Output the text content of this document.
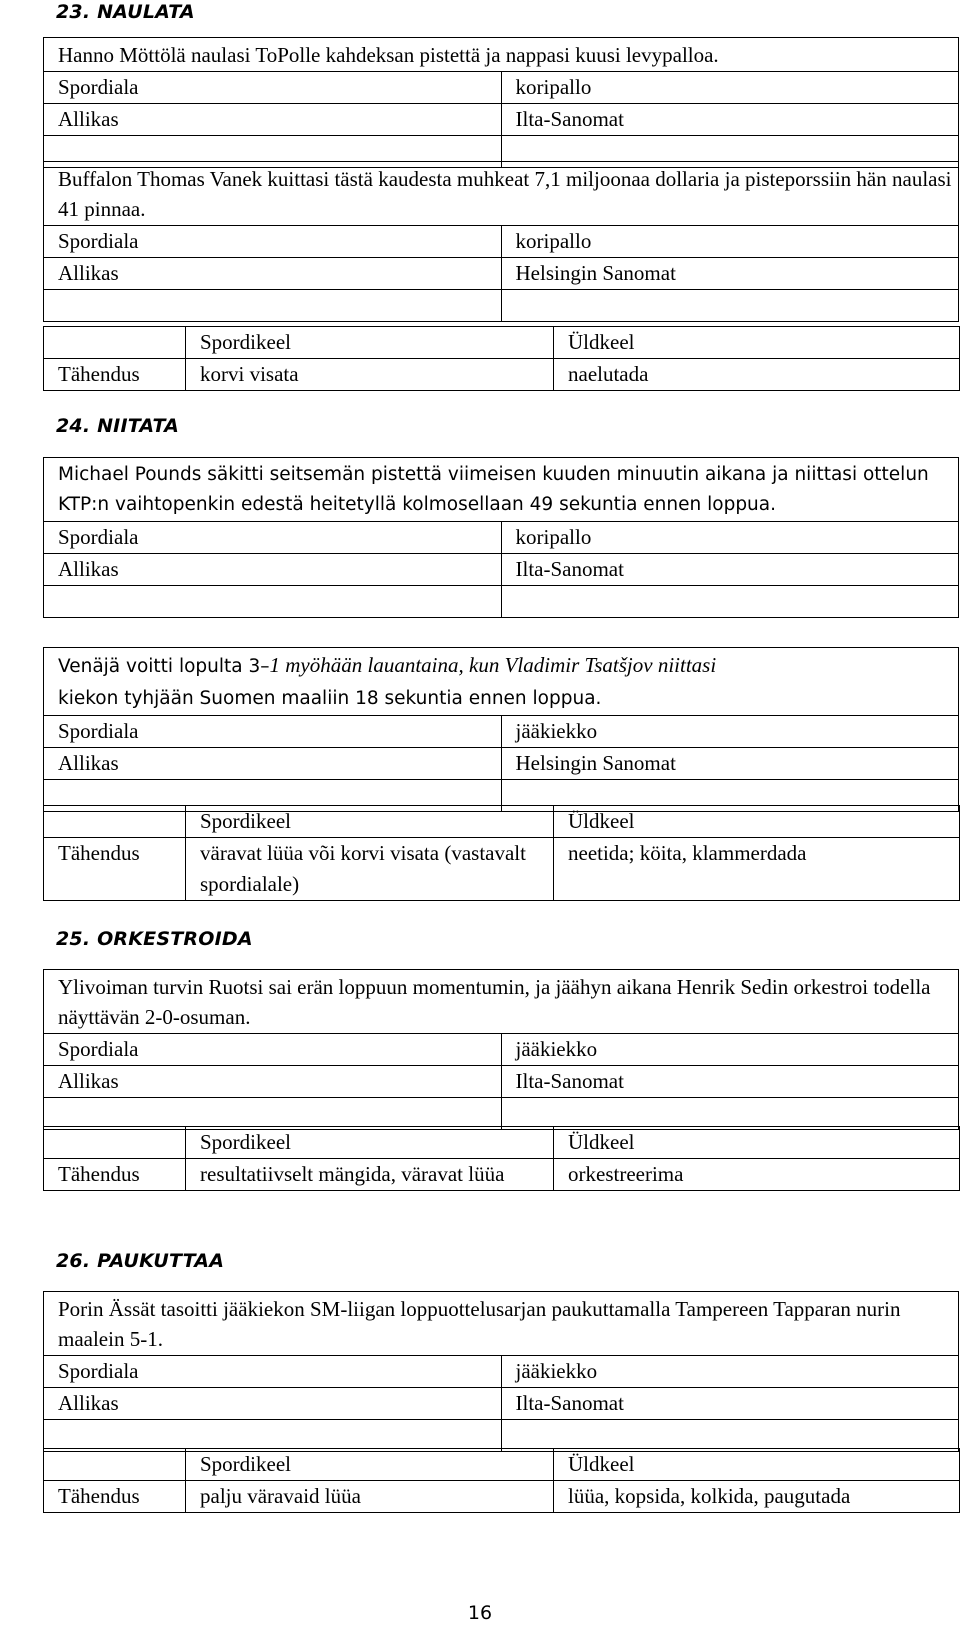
23. NAULATA
Hanno Möttölä naulasi ToPolle kahdeksan pistettä ja nappasi kuusi levypalloa.	
Spordiala	koripallo
Allikas	Ilta-Sanomat

Buffalon Thomas Vanek kuittasi tästä kaudesta muhkeat 7,1 miljoonaa dollaria ja pisteporssiin hän naulasi 41 pinnaa.	
Spordiala	koripallo
Allikas	Helsingin Sanomat

	Spordikeel	Üldkeel
Tähendus	korvi visata	naelutada
24. NIITATA
Michael Pounds säkitti seitsemän pistettä viimeisen kuuden minuutin aikana ja niittasi ottelun KTP:n vaihtopenkin edestä heitetyllä kolmosellaan 49 sekuntia ennen loppua.	
Spordiala	koripallo
Allikas	Ilta-Sanomat

Venäjä voitti lopulta 3–1 myöhään lauantaina, kun Vladimir Tsatšjov niittasi
kiekon tyhjään Suomen maaliin 18 sekuntia ennen loppua.	
Spordiala	jääkiekko
Allikas	Helsingin Sanomat

	Spordikeel	Üldkeel
Tähendus	väravat lüüa või korvi visata (vastavalt spordialale)	neetida; köita, klammerdada
25. ORKESTROIDA
Ylivoiman turvin Ruotsi sai erän loppuun momentumin, ja jäähyn aikana Henrik Sedin orkestroi todella näyttävän 2-0-osuman.	
Spordiala	jääkiekko
Allikas	Ilta-Sanomat

	Spordikeel	Üldkeel
Tähendus	resultatiivselt mängida, väravat lüüa	orkestreerima
26. PAUKUTTAA
Porin Ässät tasoitti jääkiekon SM-liigan loppuottelusarjan paukuttamalla Tampereen Tapparan nurin maalein 5-1.	
Spordiala	jääkiekko
Allikas	Ilta-Sanomat

	Spordikeel	Üldkeel
Tähendus	palju väravaid lüüa	lüüa, kopsida, kolkida, paugutada
16
